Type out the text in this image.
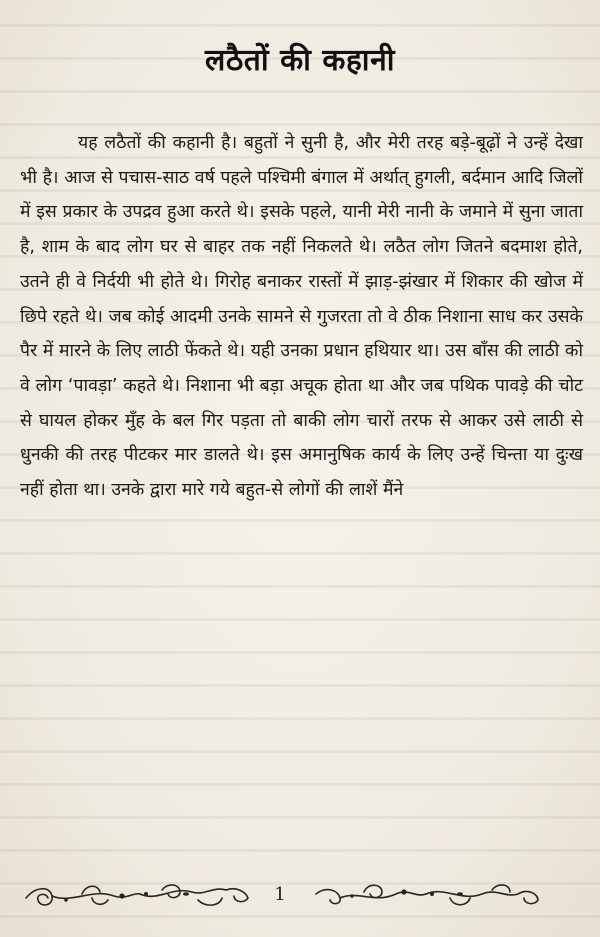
लठैतों की कहानी

यह लठैतों की कहानी है। बहुतों ने सुनी है, और मेरी तरह बड़े-बूढ़ों ने उन्हें देखा भी है। आज से पचास-साठ वर्ष पहले पश्चिमी बंगाल में अर्थात् हुगली, बर्दमान आदि जिलों में इस प्रकार के उपद्रव हुआ करते थे। इसके पहले, यानी मेरी नानी के जमाने में सुना जाता है, शाम के बाद लोग घर से बाहर तक नहीं निकलते थे। लठैत लोग जितने बदमाश होते, उतने ही वे निर्दयी भी होते थे। गिरोह बनाकर रास्तों में झाड़-झंखार में शिकार की खोज में छिपे रहते थे। जब कोई आदमी उनके सामने से गुजरता तो वे ठीक निशाना साध कर उसके पैर में मारने के लिए लाठी फेंकते थे। यही उनका प्रधान हथियार था। उस बाँस की लाठी को वे लोग ‘पावड़ा’ कहते थे। निशाना भी बड़ा अचूक होता था और जब पथिक पावड़े की चोट से घायल होकर मुँह के बल गिर पड़ता तो बाकी लोग चारों तरफ से आकर उसे लाठी से धुनकी की तरह पीटकर मार डालते थे। इस अमानुषिक कार्य के लिए उन्हें चिन्ता या दुःख नहीं होता था। उनके द्वारा मारे गये बहुत-से लोगों की लाशें मैंने

1
